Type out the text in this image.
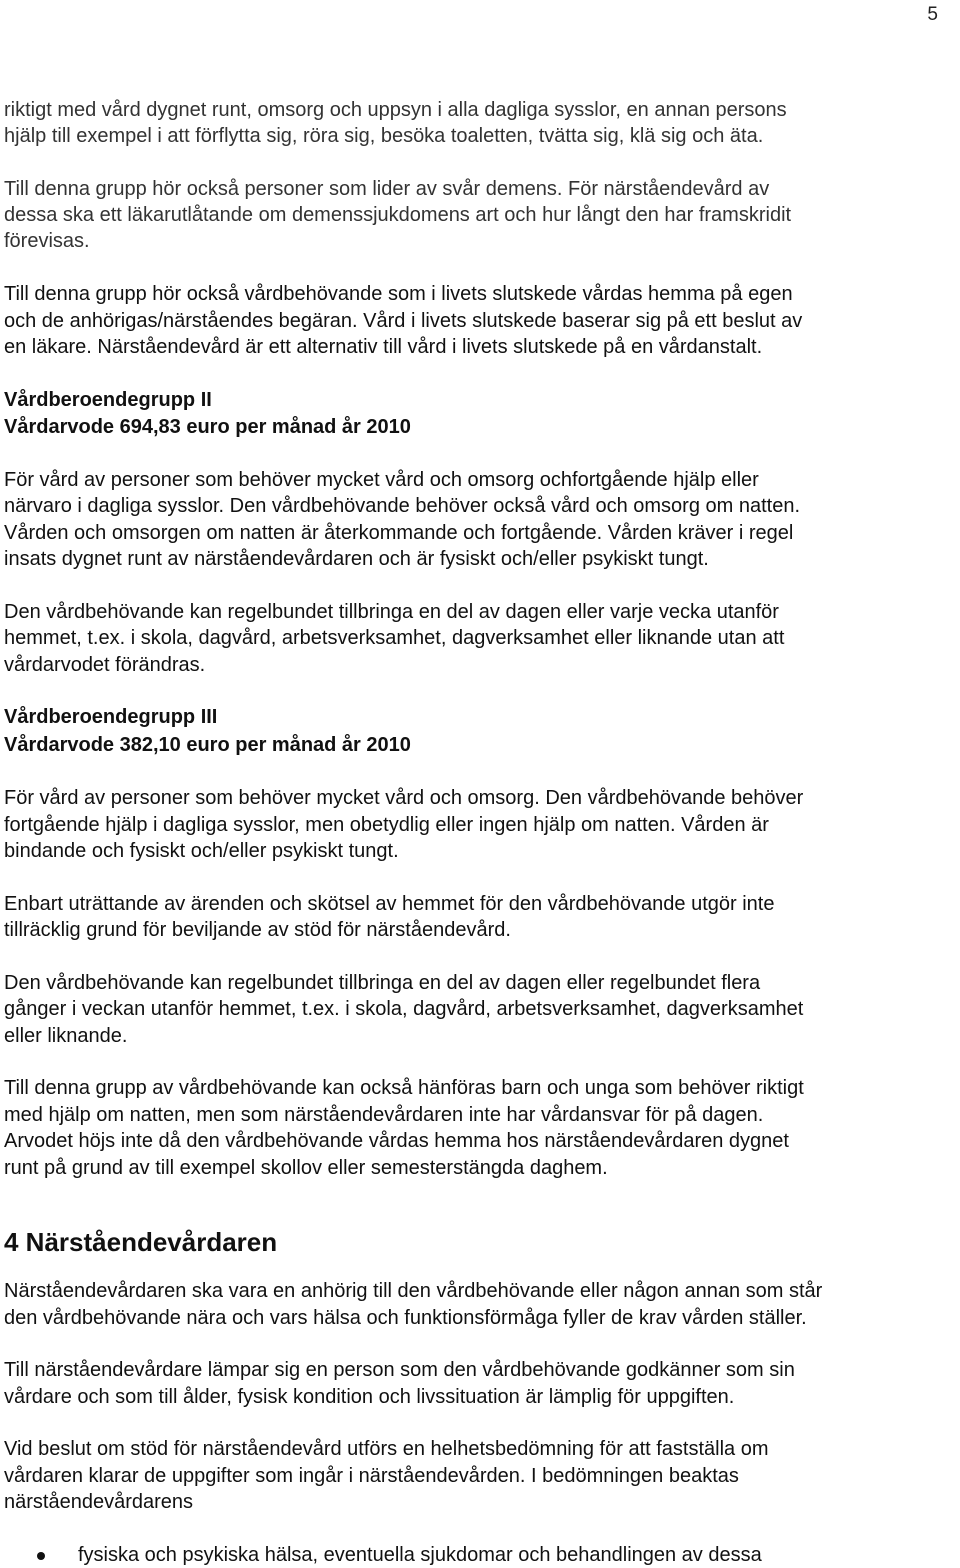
5

riktigt med vård dygnet runt, omsorg och uppsyn i alla dagliga sysslor, en annan persons
hjälp till exempel i att förflytta sig, röra sig, besöka toaletten, tvätta sig, klä sig och äta.

Till denna grupp hör också personer som lider av svår demens. För närståendevård av
dessa ska ett läkarutlåtande om demenssjukdomens art och hur långt den har framskridit
förevisas.

Till denna grupp hör också vårdbehövande som i livets slutskede vårdas hemma på egen
och de anhörigas/närståendes begäran. Vård i livets slutskede baserar sig på ett beslut av
en läkare. Närståendevård är ett alternativ till vård i livets slutskede på en vårdanstalt.

Vårdberoendegrupp II
Vårdarvode 694,83 euro per månad år 2010

För vård av personer som behöver mycket vård och omsorg ochfortgående hjälp eller
närvaro i dagliga sysslor. Den vårdbehövande behöver också vård och omsorg om natten.
Vården och omsorgen om natten är återkommande och fortgående. Vården kräver i regel
insats dygnet runt av närståendevårdaren och är fysiskt och/eller psykiskt tungt.

Den vårdbehövande kan regelbundet tillbringa en del av dagen eller varje vecka utanför
hemmet, t.ex. i skola, dagvård, arbetsverksamhet, dagverksamhet eller liknande utan att
vårdarvodet förändras.

Vårdberoendegrupp III
Vårdarvode 382,10 euro per månad år 2010

För vård av personer som behöver mycket vård och omsorg. Den vårdbehövande behöver
fortgående hjälp i dagliga sysslor, men obetydlig eller ingen hjälp om natten. Vården är
bindande och fysiskt och/eller psykiskt tungt.

Enbart uträttande av ärenden och skötsel av hemmet för den vårdbehövande utgör inte
tillräcklig grund för beviljande av stöd för närståendevård.

Den vårdbehövande kan regelbundet tillbringa en del av dagen eller regelbundet flera
gånger i veckan utanför hemmet, t.ex. i skola, dagvård, arbetsverksamhet, dagverksamhet
eller liknande.

Till denna grupp av vårdbehövande kan också hänföras barn och unga som behöver riktigt
med hjälp om natten, men som närståendevårdaren inte har vårdansvar för på dagen.
Arvodet höjs inte då den vårdbehövande vårdas hemma hos närståendevårdaren dygnet
runt på grund av till exempel skollov eller semesterstängda daghem.

4 Närståendevårdaren

Närståendevårdaren ska vara en anhörig till den vårdbehövande eller någon annan som står
den vårdbehövande nära och vars hälsa och funktionsförmåga fyller de krav vården ställer.

Till närståendevårdare lämpar sig en person som den vårdbehövande godkänner som sin
vårdare och som till ålder, fysisk kondition och livssituation är lämplig för uppgiften.

Vid beslut om stöd för närståendevård utförs en helhetsbedömning för att fastställa om
vårdaren klarar de uppgifter som ingår i närståendevården. I bedömningen beaktas
närståendevårdarens

fysiska och psykiska hälsa, eventuella sjukdomar och behandlingen av dessa
